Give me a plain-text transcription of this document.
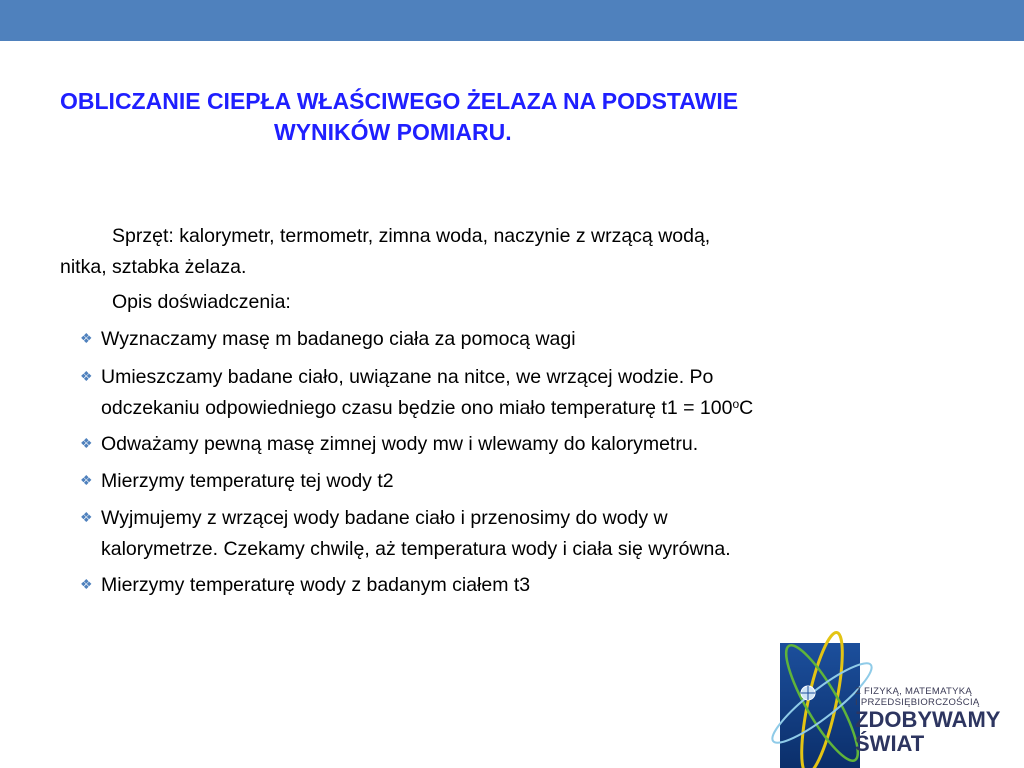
OBLICZANIE CIEPŁA WŁAŚCIWEGO ŻELAZA NA PODSTAWIE
WYNIKÓW POMIARU.
Sprzęt: kalorymetr, termometr, zimna woda, naczynie z wrzącą wodą,
nitka, sztabka żelaza.
Opis doświadczenia:
❖ Wyznaczamy masę m badanego ciała za pomocą wagi
❖ Umieszczamy badane ciało, uwiązane na nitce, we wrzącej wodzie. Po
odczekaniu odpowiedniego czasu będzie ono miało temperaturę $t1 = 100^oC$
❖ Odważamy pewną masę zimnej wody mw i wlewamy do kalorymetru.
❖ Mierzymy temperaturę tej wody t2
❖ Wyjmujemy z wrzącej wody badane ciało i przenosimy do wody w
kalorymetrze. Czekamy chwilę, aż temperatura wody i ciała się wyrówna.
❖ Mierzymy temperaturę wody z badanym ciałem t3
Z FIZYKĄ, MATEMATYKĄ
I PRZEDSIĘBIORCZOŚCIĄ
ZDOBYWAMY
ŚWIAT
